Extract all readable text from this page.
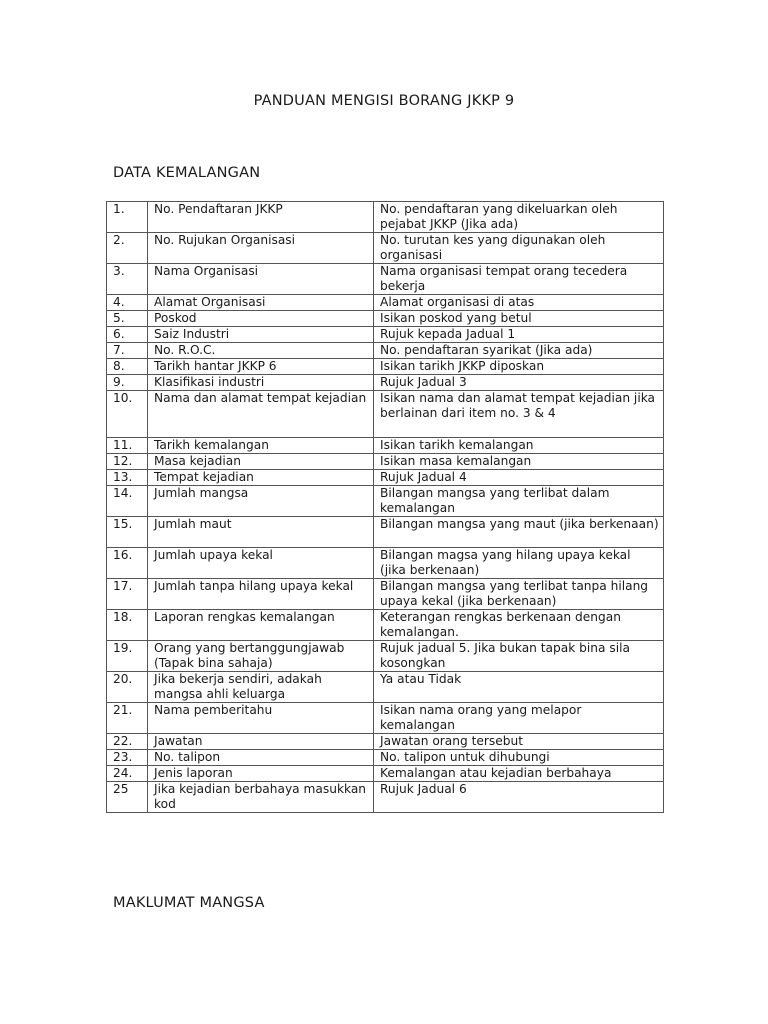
PANDUAN MENGISI BORANG JKKP 9
DATA KEMALANGAN
1.	No. Pendaftaran JKKP	No. pendaftaran yang dikeluarkan oleh pejabat JKKP (Jika ada)
2.	No. Rujukan Organisasi	No. turutan kes yang digunakan oleh organisasi
3.	Nama Organisasi	Nama organisasi tempat orang tecedera bekerja
4.	Alamat Organisasi	Alamat organisasi di atas
5.	Poskod	Isikan poskod yang betul
6.	Saiz Industri	Rujuk kepada Jadual 1
7.	No. R.O.C.	No. pendaftaran syarikat (Jika ada)
8.	Tarikh hantar JKKP 6	Isikan tarikh JKKP diposkan
9.	Klasifikasi industri	Rujuk Jadual 3
10.	Nama dan alamat tempat kejadian	Isikan nama dan alamat tempat kejadian jika berlainan dari item no. 3 & 4
11.	Tarikh kemalangan	Isikan tarikh kemalangan
12.	Masa kejadian	Isikan masa kemalangan
13.	Tempat kejadian	Rujuk Jadual 4
14.	Jumlah mangsa	Bilangan mangsa yang terlibat dalam kemalangan
15.	Jumlah maut	Bilangan mangsa yang maut (jika berkenaan)
16.	Jumlah upaya kekal	Bilangan magsa yang hilang upaya kekal (jika berkenaan)
17.	Jumlah tanpa hilang upaya kekal	Bilangan mangsa yang terlibat tanpa hilang upaya kekal (jika berkenaan)
18.	Laporan rengkas kemalangan	Keterangan rengkas berkenaan dengan kemalangan.
19.	Orang yang bertanggungjawab (Tapak bina sahaja)	Rujuk jadual 5. Jika bukan tapak bina sila kosongkan
20.	Jika bekerja sendiri, adakah mangsa ahli keluarga	Ya atau Tidak
21.	Nama pemberitahu	Isikan nama orang yang melapor kemalangan
22.	Jawatan	Jawatan orang tersebut
23.	No. talipon	No. talipon untuk dihubungi
24.	Jenis laporan	Kemalangan atau kejadian berbahaya
25	Jika kejadian berbahaya masukkan kod	Rujuk Jadual 6
MAKLUMAT MANGSA
